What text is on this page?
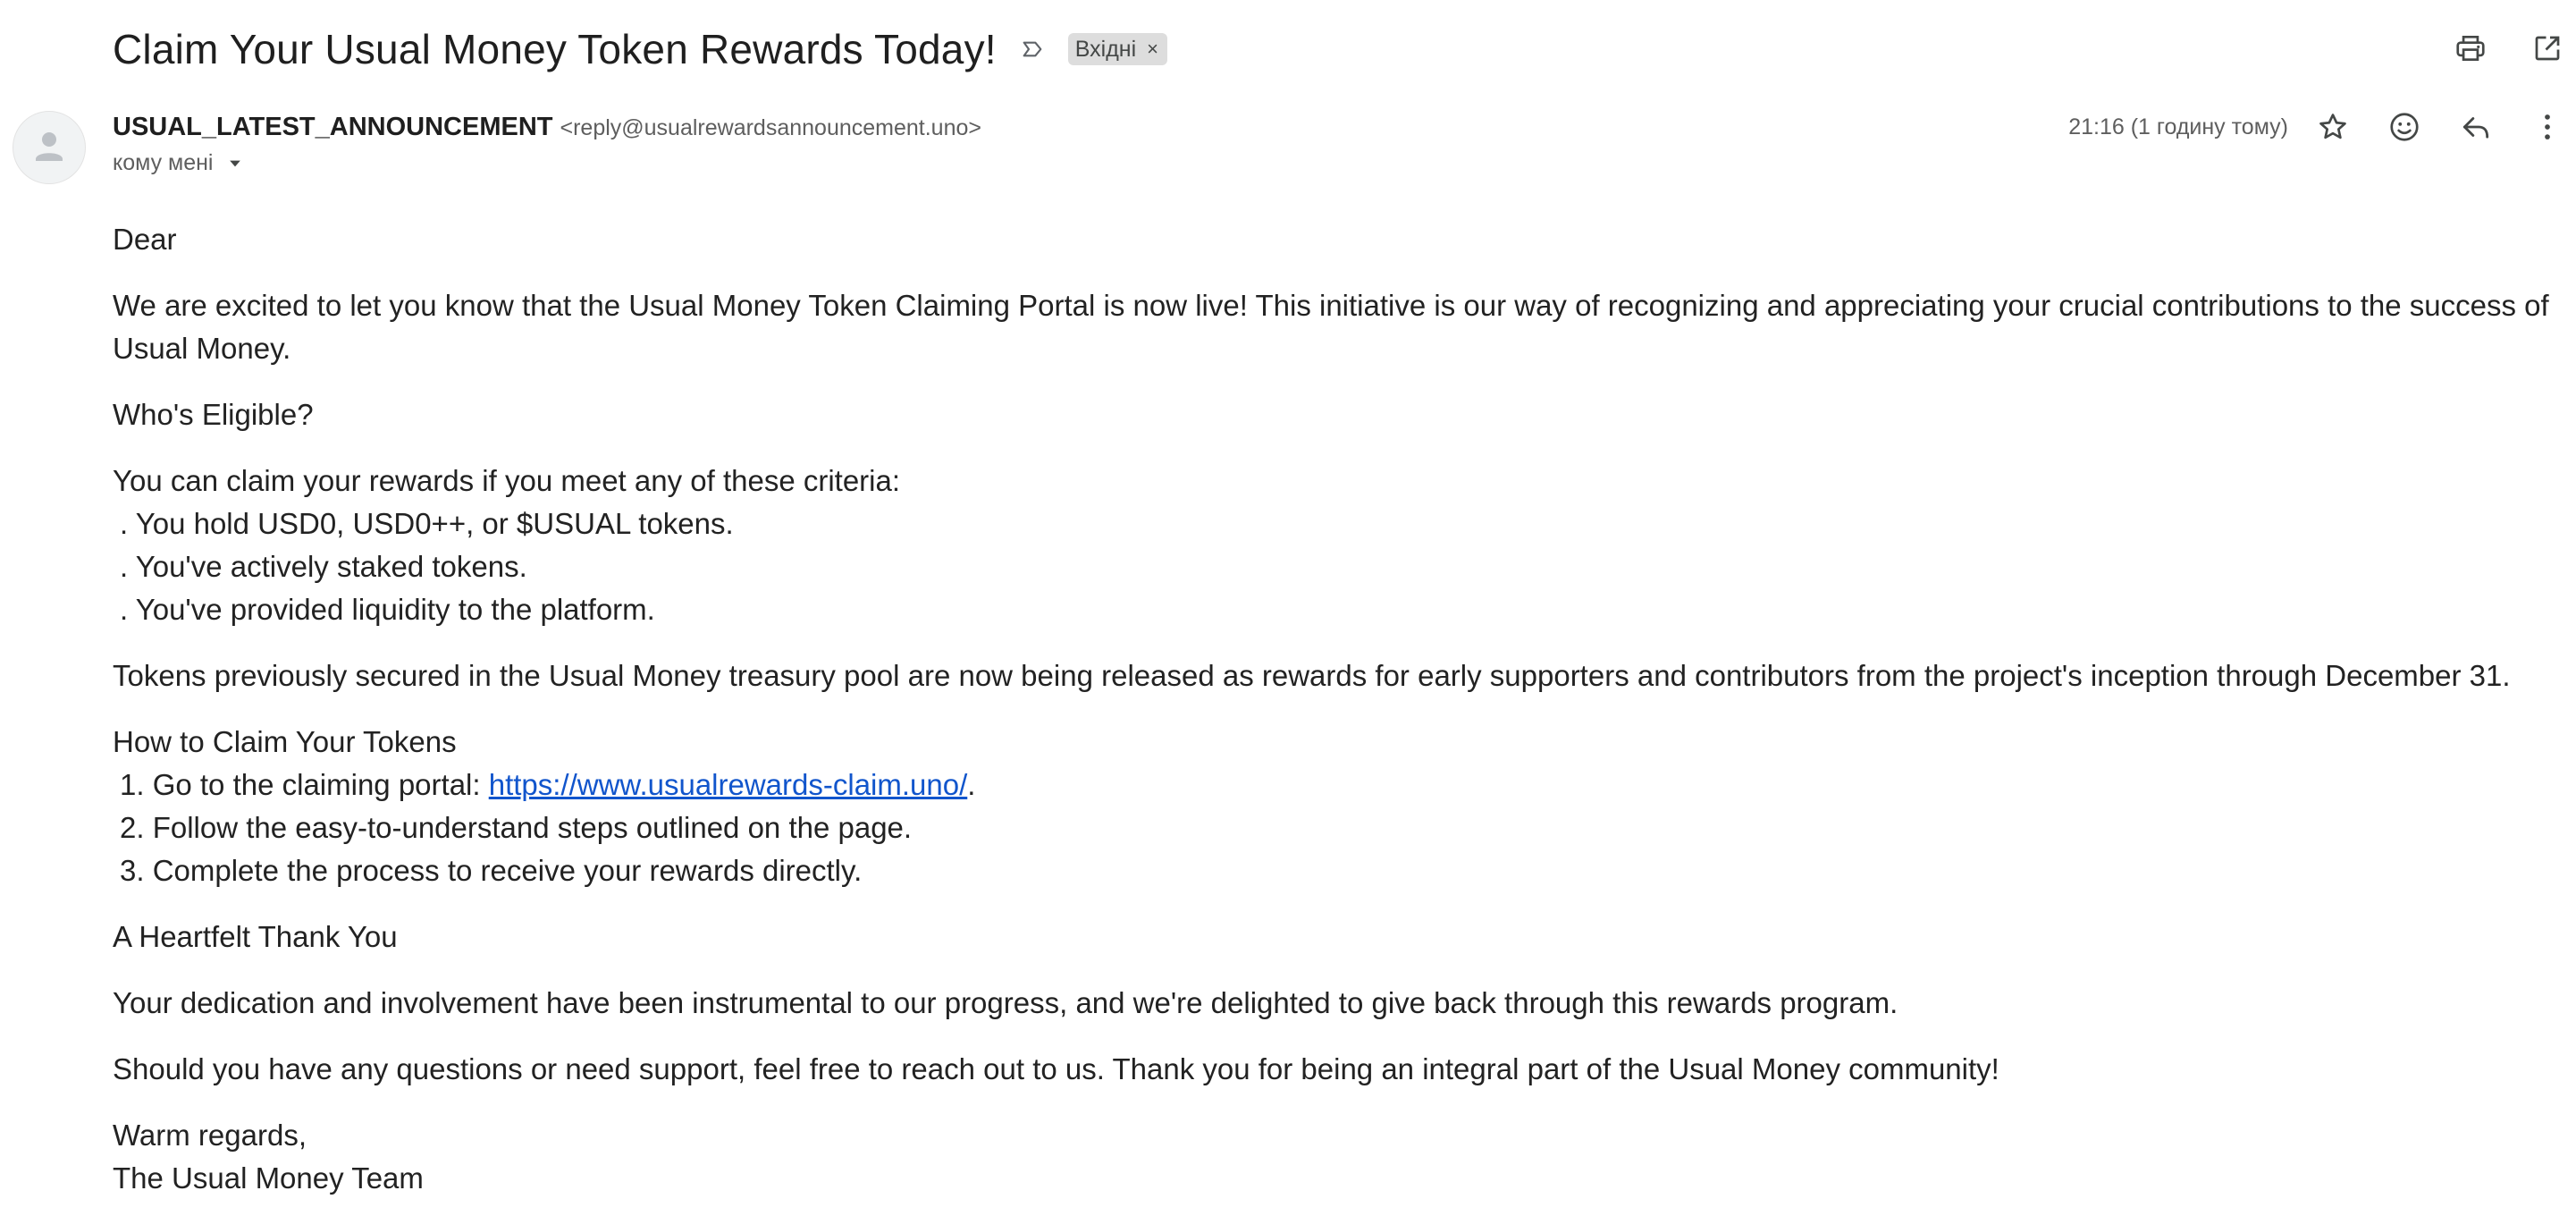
Claim Your Usual Money Token Rewards Today!	Вхідні ×
USUAL_LATEST_ANNOUNCEMENT <reply@usualrewardsannouncement.uno>
кому мені
21:16 (1 годину тому)

Dear

We are excited to let you know that the Usual Money Token Claiming Portal is now live! This initiative is our way of recognizing and appreciating your crucial contributions to the success of Usual Money.

Who's Eligible?

You can claim your rewards if you meet any of these criteria:
. You hold USD0, USD0++, or $USUAL tokens.
. You've actively staked tokens.
. You've provided liquidity to the platform.

Tokens previously secured in the Usual Money treasury pool are now being released as rewards for early supporters and contributors from the project's inception through December 31.

How to Claim Your Tokens
1. Go to the claiming portal: https://www.usualrewards-claim.uno/.
2. Follow the easy-to-understand steps outlined on the page.
3. Complete the process to receive your rewards directly.

A Heartfelt Thank You

Your dedication and involvement have been instrumental to our progress, and we're delighted to give back through this rewards program.

Should you have any questions or need support, feel free to reach out to us. Thank you for being an integral part of the Usual Money community!

Warm regards,
The Usual Money Team
